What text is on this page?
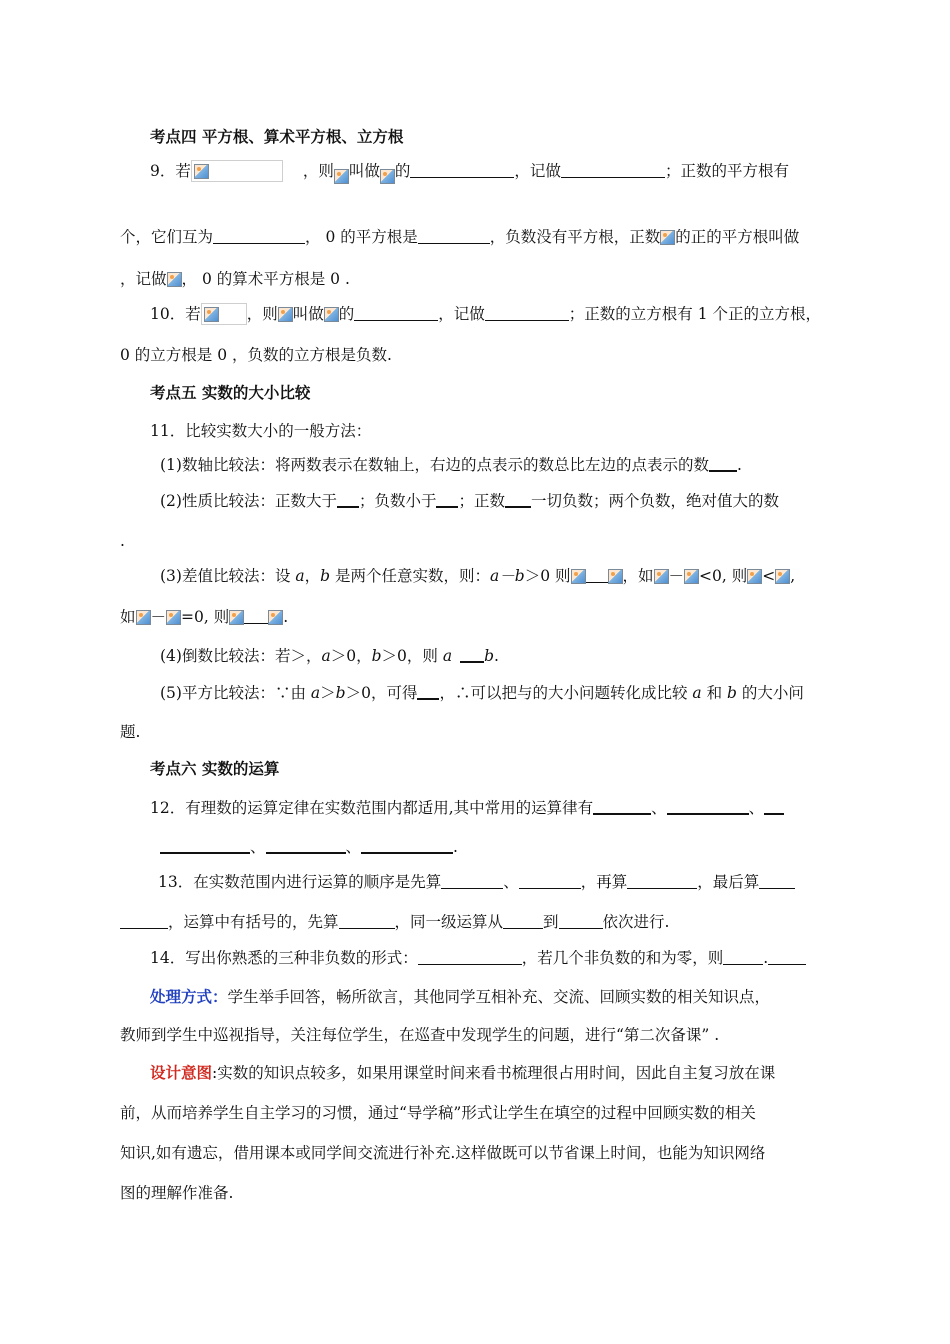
考点四 平方根、算术平方根、立方根
9．若	，则 叫做 的	，记做	；正数的平方根有
个，它们互为	， 0 的平方根是	，负数没有平方根，正数 的正的平方根叫做
，记做 ， 0 的算术平方根是 0 .
10．若	，则 叫做 的	，记做	；正数的立方根有 1 个正的立方根，
0 的立方根是 0 ，负数的立方根是负数.
考点五 实数的大小比较
11．比较实数大小的一般方法：
(1)数轴比较法：将两数表示在数轴上，右边的点表示的数总比左边的点表示的数 .
(2)性质比较法：正数大于 ；负数小于 ；正数 一切负数；两个负数，绝对值大的数
.
(3)差值比较法：设 a，b 是两个任意实数，则：a－b＞0 则	，如 － <0, 则 < ,
如 － =0, 则	.
(4)倒数比较法：若＞，a＞0，b＞0，则 a b.
(5)平方比较法：∵由 a＞b＞0，可得 ，∴可以把与的大小问题转化成比较 a 和 b 的大小问
题.
考点六 实数的运算
12．有理数的运算定律在实数范围内都适用,其中常用的运算律有	、	、
、	、	.
13．在实数范围内进行运算的顺序是先算	、	，再算	，最后算
，运算中有括号的，先算	，同一级运算从	到	依次进行.
14．写出你熟悉的三种非负数的形式：	，若几个非负数的和为零，则	.
处理方式：学生举手回答，畅所欲言，其他同学互相补充、交流、回顾实数的相关知识点，
教师到学生中巡视指导，关注每位学生，在巡查中发现学生的问题，进行“第二次备课” .
设计意图:实数的知识点较多，如果用课堂时间来看书梳理很占用时间，因此自主复习放在课
前，从而培养学生自主学习的习惯，通过“导学稿”形式让学生在填空的过程中回顾实数的相关
知识,如有遗忘，借用课本或同学间交流进行补充.这样做既可以节省课上时间，也能为知识网络
图的理解作准备.
